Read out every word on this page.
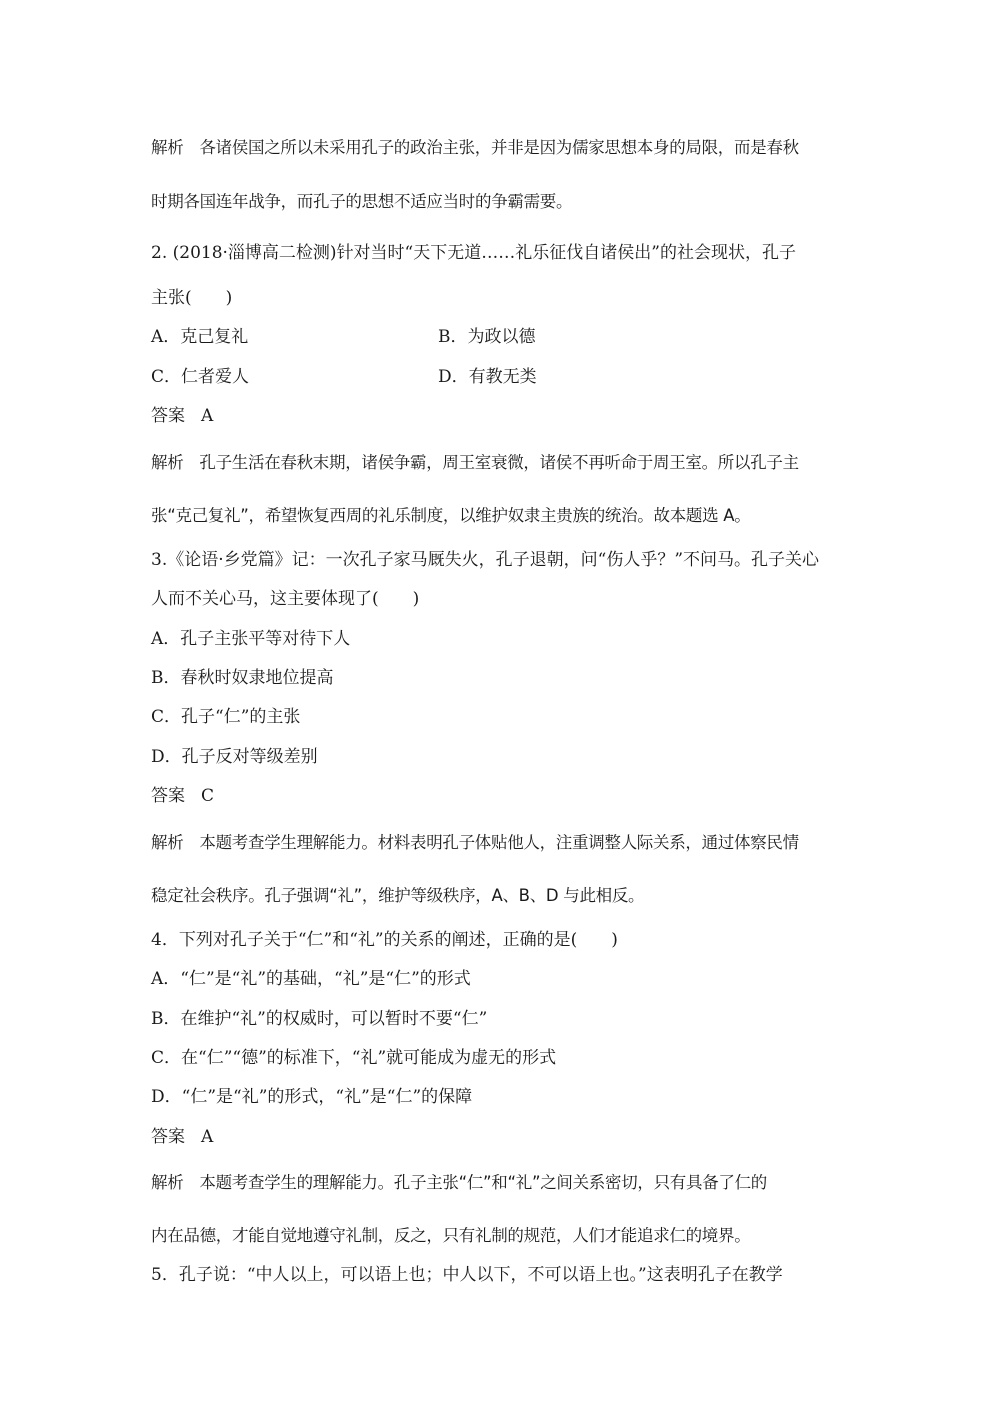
解析 各诸侯国之所以未采用孔子的政治主张，并非是因为儒家思想本身的局限，而是春秋
时期各国连年战争，而孔子的思想不适应当时的争霸需要。
2. (2018·淄博高二检测)针对当时“天下无道……礼乐征伐自诸侯出”的社会现状，孔子
主张(　　)
A．克己复礼	B．为政以德
C．仁者爱人	D．有教无类
答案 A
解析 孔子生活在春秋末期，诸侯争霸，周王室衰微，诸侯不再听命于周王室。所以孔子主
张“克己复礼”，希望恢复西周的礼乐制度，以维护奴隶主贵族的统治。故本题选 A。
3.《论语·乡党篇》记：一次孔子家马厩失火，孔子退朝，问“伤人乎？”不问马。孔子关心
人而不关心马，这主要体现了(　　)
A．孔子主张平等对待下人
B．春秋时奴隶地位提高
C．孔子“仁”的主张
D．孔子反对等级差别
答案 C
解析 本题考查学生理解能力。材料表明孔子体贴他人，注重调整人际关系，通过体察民情
稳定社会秩序。孔子强调“礼”，维护等级秩序，A、B、D 与此相反。
4．下列对孔子关于“仁”和“礼”的关系的阐述，正确的是(　　)
A．“仁”是“礼”的基础，“礼”是“仁”的形式
B．在维护“礼”的权威时，可以暂时不要“仁”
C．在“仁”“德”的标准下，“礼”就可能成为虚无的形式
D．“仁”是“礼”的形式，“礼”是“仁”的保障
答案 A
解析 本题考查学生的理解能力。孔子主张“仁”和“礼”之间关系密切，只有具备了仁的
内在品德，才能自觉地遵守礼制，反之，只有礼制的规范，人们才能追求仁的境界。
5．孔子说：“中人以上，可以语上也；中人以下，不可以语上也。”这表明孔子在教学
